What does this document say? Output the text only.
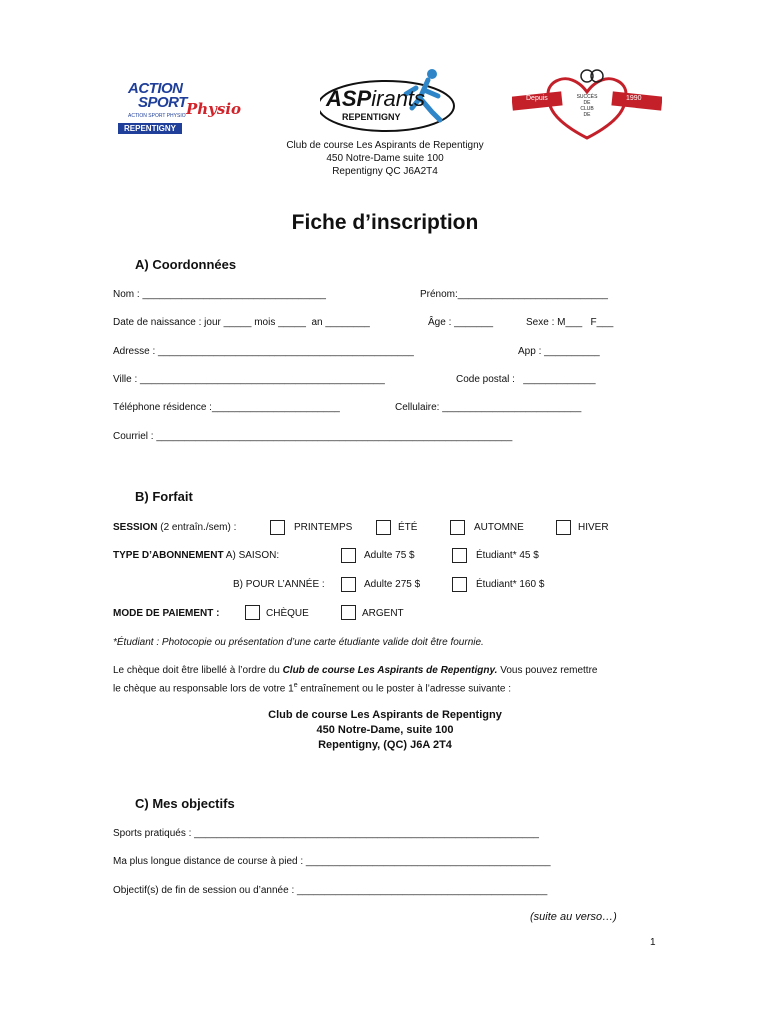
ACTION
SPORT Physio
ACTION SPORT PHYSIO
REPENTIGNY
ASPirants
REPENTIGNY
Depuis	1990
SUCCÈS
DE
CLUB
DE
Club de course Les Aspirants de Repentigny
450 Notre-Dame suite 100
Repentigny QC J6A2T4
Fiche d’inscription
A) Coordonnées
Nom : _________________________________	Prénom:___________________________
Date de naissance : jour _____ mois _____  an ________	Âge : _______	Sexe : M___   F___
Adresse : ______________________________________________	App : __________
Ville : ____________________________________________	Code postal :   _____________
Téléphone résidence :_______________________	Cellulaire: _________________________
Courriel : ________________________________________________________________
B) Forfait
SESSION (2 entraîn./sem) :	PRINTEMPS	ÉTÉ	AUTOMNE	HIVER
TYPE D’ABONNEMENT A) SAISON:	Adulte 75 $	Étudiant* 45 $
B) POUR L’ANNÉE :	Adulte 275 $	Étudiant* 160 $
MODE DE PAIEMENT :	CHÈQUE	ARGENT
*Étudiant : Photocopie ou présentation d’une carte étudiante valide doit être fournie.
Le chèque doit être libellé à l’ordre du Club de course Les Aspirants de Repentigny. Vous pouvez remettre
le chèque au responsable lors de votre 1e entraînement ou le poster à l’adresse suivante :
Club de course Les Aspirants de Repentigny
450 Notre-Dame, suite 100
Repentigny, (QC) J6A 2T4
C) Mes objectifs
Sports pratiqués : ______________________________________________________________
Ma plus longue distance de course à pied : ____________________________________________
Objectif(s) de fin de session ou d’année : _____________________________________________
(suite au verso…)
1
